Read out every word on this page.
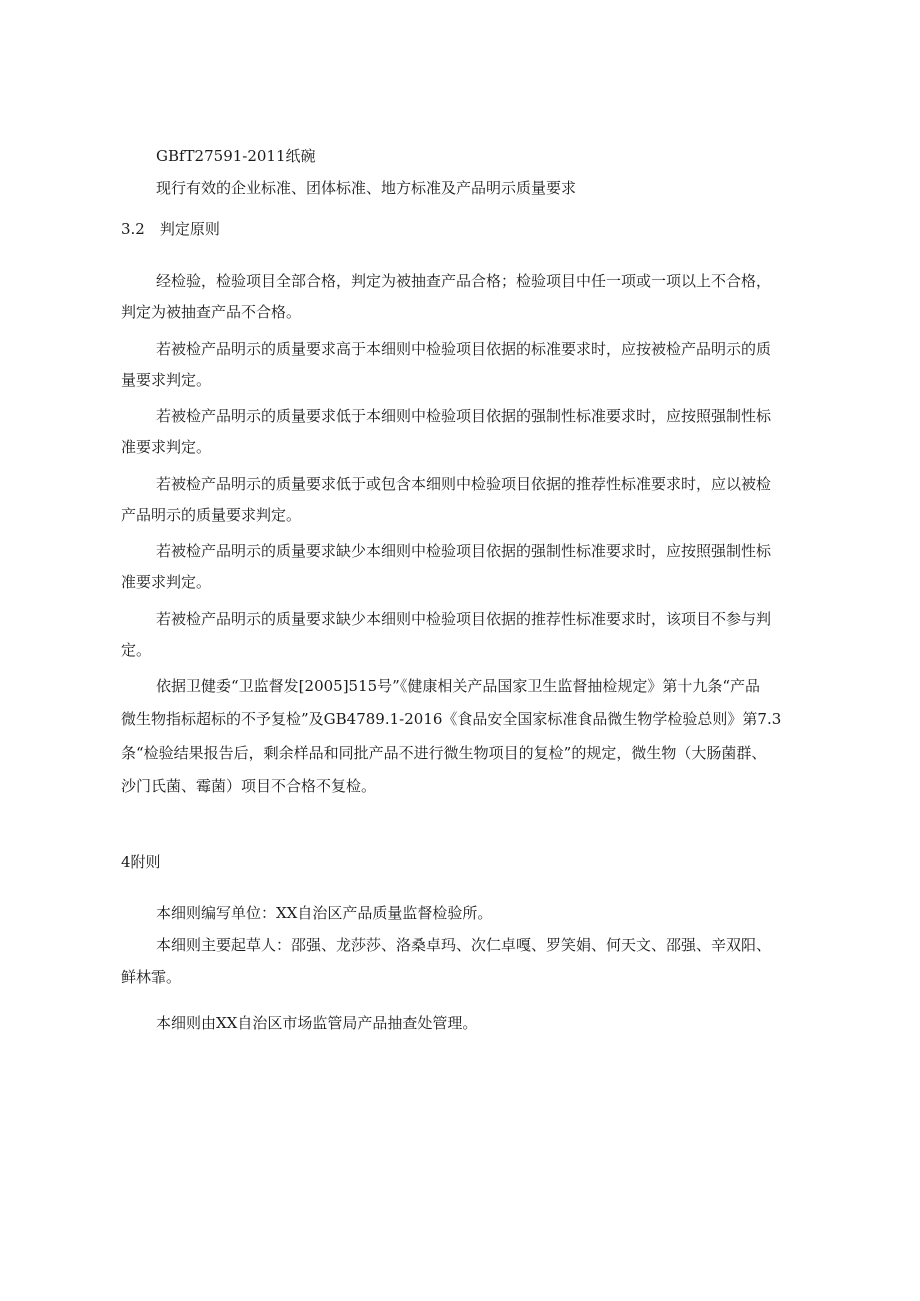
GBfT27591-2011纸碗

现行有效的企业标准、团体标准、地方标准及产品明示质量要求

3.2　判定原则

经检验，检验项目全部合格，判定为被抽查产品合格；检验项目中任一项或一项以上不合格，

判定为被抽查产品不合格。

若被检产品明示的质量要求高于本细则中检验项目依据的标准要求时，应按被检产品明示的质

量要求判定。

若被检产品明示的质量要求低于本细则中检验项目依据的强制性标准要求时，应按照强制性标

准要求判定。

若被检产品明示的质量要求低于或包含本细则中检验项目依据的推荐性标准要求时，应以被检

产品明示的质量要求判定。

若被检产品明示的质量要求缺少本细则中检验项目依据的强制性标准要求时，应按照强制性标

准要求判定。

若被检产品明示的质量要求缺少本细则中检验项目依据的推荐性标准要求时，该项目不参与判

定。

依据卫健委“卫监督发[2005]515号”《健康相关产品国家卫生监督抽检规定》第十九条“产品

微生物指标超标的不予复检”及GB4789.1-2016《食品安全国家标准食品微生物学检验总则》第7.3

条“检验结果报告后，剩余样品和同批产品不进行微生物项目的复检”的规定，微生物（大肠菌群、

沙门氏菌、霉菌）项目不合格不复检。

4附则

本细则编写单位：XX自治区产品质量监督检验所。

本细则主要起草人：邵强、龙莎莎、洛桑卓玛、次仁卓嘎、罗笑娟、何天文、邵强、辛双阳、

鲜林霏。

本细则由XX自治区市场监管局产品抽查处管理。
